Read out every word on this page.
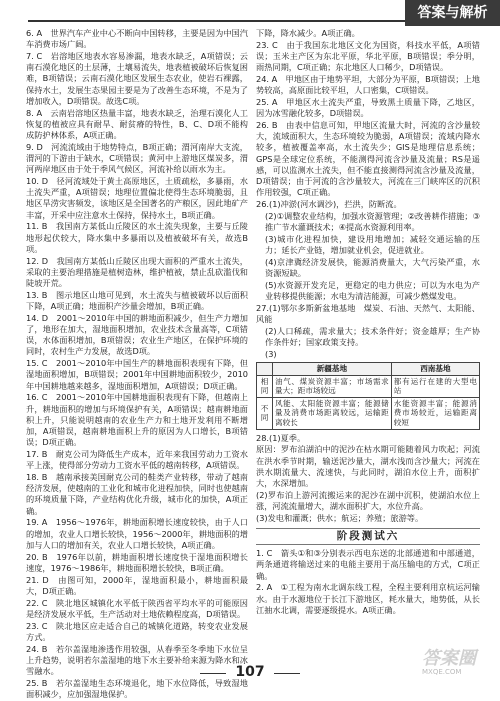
答案与解析

6. A　世界汽车产业中心不断向中国转移，主要是因为中国汽车消费市场广阔。

7. C　岩溶地区地表水容易渗漏，地表水缺乏，A项错误；云南石漠化地区的土层薄，土壤易流失，地表植被破坏后恢复困难，B项错误；云南石漠化地区发展生态农业，使岩石裸露，保持水土，发展生态果园主要是为了改善生态环境，不是为了增加收入，D项错误。故选C项。

8. A　云南岩溶地区热量丰富，地表水缺乏，治理石漠化人工恢复的植被应具有耐旱、耐贫瘠的特性，B、C、D项不能构成防护林体系，A项正确。

9. D　河流流域由于地势特点，B项正确；渭河南岸大支流，渭河的下游由于缺水，C项错误；黄河中上游地区煤炭多，渭河两岸地区由于处于季风气候区，河流补给以雨水为主。

10. D　径河流域处于黄土高原地区，土质疏松，多暴雨，水土流失严重，A项错误；地理位置偏北使得生态环境脆弱，且地区旱涝灾害频发，该地区是全国著名的产粮区，因此地矿产丰富，开采中应注意水土保持，保持水土，B项正确。

11. B　我国南方某低山丘陵区的水土流失现象，主要与丘陵地形起伏较大，降水集中多暴雨以及植被破坏有关，故选B项。

12. D　我国南方某低山丘陵区出现大面积的严重水土流失，采取的主要治理措施是植树造林，维护植被，禁止乱砍滥伐和陡坡开荒。

13. B　图示地区山地可见到，水土流失与植被破坏以后面积下降，A项正确；地面积产沙量会增加，B项正确。

14. D　2001～2010年中国的耕地面积减少，但生产力增加了，地形在加大，湿地面积增加，农业技术含量高等，C项错误，水体面积增加，B项错误；农业生产地区，在保护环境的同时，农村生产力发展，故选D项。

15. C　2001～2010年中国生产的耕地面积表现有下降，但湿地面积增加，B项错误；2001年中国耕地面积较少，2010年中国耕地越来越多，湿地面积增加，A项错误；D项正确。

16. C　2001～2010年中国耕地面积表现有下降，但越南上升，耕地面积的增加与环境保护有关，A项错误；越南耕地面积上升，只能说明越南的农业生产力和土地开发利用不断增加，A项错误，越南耕地面积上升的原因为人口增长，B项错误；D项正确。

17. B　耐克公司为降低生产成本，近年来我国劳动力工资水平上涨，使得部分劳动力工资水平低的越南转移，A项错误。

18. B　越南承接美国耐克公司的鞋类产业转移，带动了越南经济发展，使越南的工业化和城市化进程加快，同时也使越南的环境质量下降，产业结构优化升级，城市化的加快，A项正确。

19. A　1956～1976年，耕地面积增长速度较快，由于人口的增加，农业人口增长较快，1956～2000年，耕地面积的增加与人口的增加有关，农业人口增长较快，A项正确。

20. B　1976年以前，耕地面积增长速度快于湿地面积增长速度，1976～1986年，耕地面积增长较快，B项正确。

21. D　由图可知，2000年，湿地面积最小，耕地面积最大，D项正确。

22. C　陕北地区城镇化水平低于陕西省平均水平的可能原因是经济发展水平低，生产活动对土地依赖程度高，D项错误。

23. C　陕北地区应走适合自己的城镇化道路，转变农业发展方式。

24. B　若尔盖湿地渗透作用较强，从春季至冬季地下水位呈上升趋势，说明若尔盖湿地的地下水主要补给来源为降水和冰雪融水。

25. B　若尔盖湿地生态环境退化，地下水位降低，导致湿地面积减少，应加强湿地保护。

下降，降水减少。A项正确。

23. C　由于我国东北地区文化为国资，科技水平低，A项错误；玉米主产区为东北平原，华北平原，B项错误；季分明，雨热同期，C项正确；东北地区人口稀少，D项错误。

24. A　甲地区由于地势平坦，大部分为平原，B项错误；上地势较高，高原面比较平坦，人口密集，C项错误。

25. A　甲地区水土流失严重，导致黑土质量下降，乙地区，因为冰雪融化较多，D项错误。

26. B　由表中信息可知，甲地区流量大时，河流的含沙量较大，流域面积大，生态环境较为脆弱，A项错误；流域内降水较多，植被覆盖率高，水土流失少；GIS是地理信息系统；GPS是全球定位系统，不能测得河流含沙量及流量；RS是遥感，可以监测水土流失，但不能直接测得河流含沙量及流量，D项错误；由于河流的含沙量较大，河流在三门峡库区的沉积作用较强，C项正确。

26.(1)冲淤(河水调沙)，拦洪，防断流。

(2)①调整农业结构，加强水资源管理；②改善耕作措施；③推广节水灌溉技术；④提高水资源利用率。

(3)城市化进程加快，建设用地增加；减轻交通运输的压力；延长产业链，增加就业机会，促进就业。

(4)京津冀经济发展快，能源消费量大，大气污染严重，水资源短缺。

(5)水资源开发充足，更稳定的电力供应；可以为水电为产业转移提供能源；水电为清洁能源，可减少燃煤发电。

27.(1)鄂尔多斯新盆地基地　煤炭、石油、天然气、太阳能、风能

(2)人口稀疏，需求量大；技术条件好；资金雄厚；生产协作条件好；国家政策支持。

(3)

	新疆基地	西南基地
相同	油气、煤炭资源丰富；市场需求量大；距市场较远	都有运行在建的大型电站
不同	风能、太阳能资源丰富；能源储量及消费市场距离较远，运输距离较长	水能资源丰富；能源消费市场较近，运输距离较短

28.(1)夏季。

原因：罗布泊湖泊中的泥沙在枯水期可能随着风力吹起；河流在洪水季节时期，输送泥沙量大，湖水浅而含沙量大；河流在洪水期流量大、流速快，与此同时，湖泊水位上升，面积扩大，水深增加。

(2)罗布泊上游河流搬运来的泥沙在湖中沉积，使湖泊水位上涨，河流流量增大，湖水面积扩大，水位升高。

(3)发电和灌溉；供水；航运；养殖；旅游等。

阶段测试六

1. C　箭头①和③分别表示西电东送的北部通道和中部通道，两条通道将输送过来的电能主要用于高压输电的方式，C项正确。

2. A　①工程为南水北调东线工程，全程主要利用京杭运河输水。由于水源地位于长江下游地区，耗水量大，地势低，从长江抽水北调，需要逐级提水。A项正确。

107
答案圈
MXQE.COM
